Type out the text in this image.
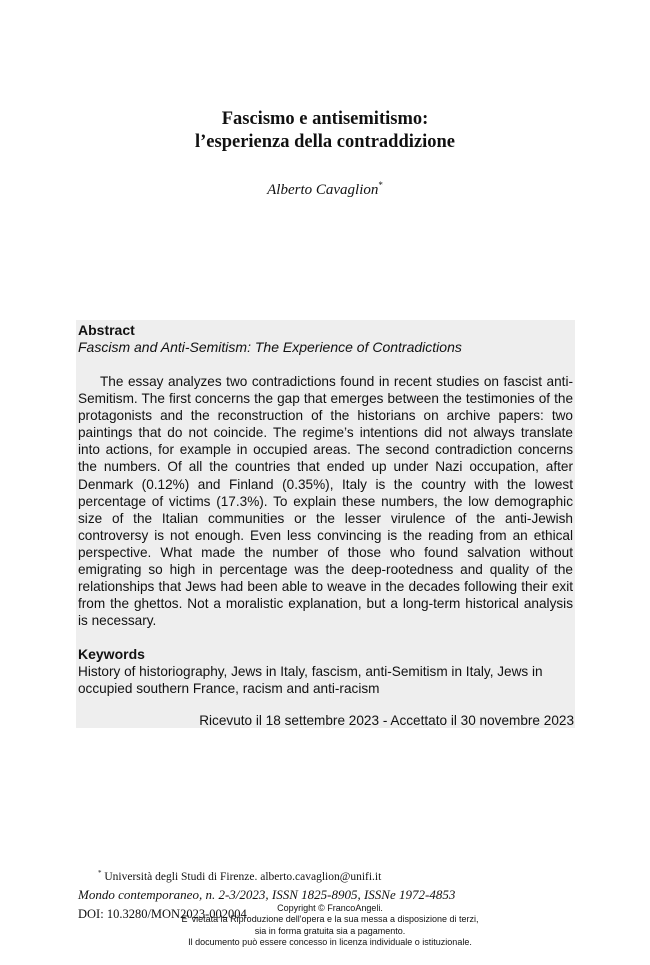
Fascismo e antisemitismo:
l’esperienza della contraddizione
Alberto Cavaglion*
Abstract
Fascism and Anti-Semitism: The Experience of Contradictions

The essay analyzes two contradictions found in recent studies on fascist anti-Semitism. The first concerns the gap that emerges between the testimonies of the protagonists and the reconstruction of the historians on archive papers: two paintings that do not coincide. The regime’s intentions did not always translate into actions, for example in occupied areas. The second contradiction concerns the numbers. Of all the countries that ended up under Nazi occupation, after Denmark (0.12%) and Finland (0.35%), Italy is the country with the lowest percentage of victims (17.3%). To explain these numbers, the low demographic size of the Italian communities or the lesser virulence of the anti-Jewish controversy is not enough. Even less convincing is the reading from an ethical perspective. What made the number of those who found salvation without emigrating so high in percentage was the deep-rootedness and quality of the relationships that Jews had been able to weave in the decades following their exit from the ghettos. Not a moralistic explanation, but a long-term historical analysis is necessary.

Keywords

History of historiography, Jews in Italy, fascism, anti-Semitism in Italy, Jews in occupied southern France, racism and anti-racism

Ricevuto il 18 settembre 2023 - Accettato il 30 novembre 2023
* Università degli Studi di Firenze. alberto.cavaglion@unifi.it
Mondo contemporaneo, n. 2-3/2023, ISSN 1825-8905, ISSNe 1972-4853
DOI: 10.3280/MON2023-002004	Copyright © FrancoAngeli.
E' vietata la Riproduzione dell'opera e la sua messa a disposizione di terzi,
sia in forma gratuita sia a pagamento.
Il documento può essere concesso in licenza individuale o istituzionale.
